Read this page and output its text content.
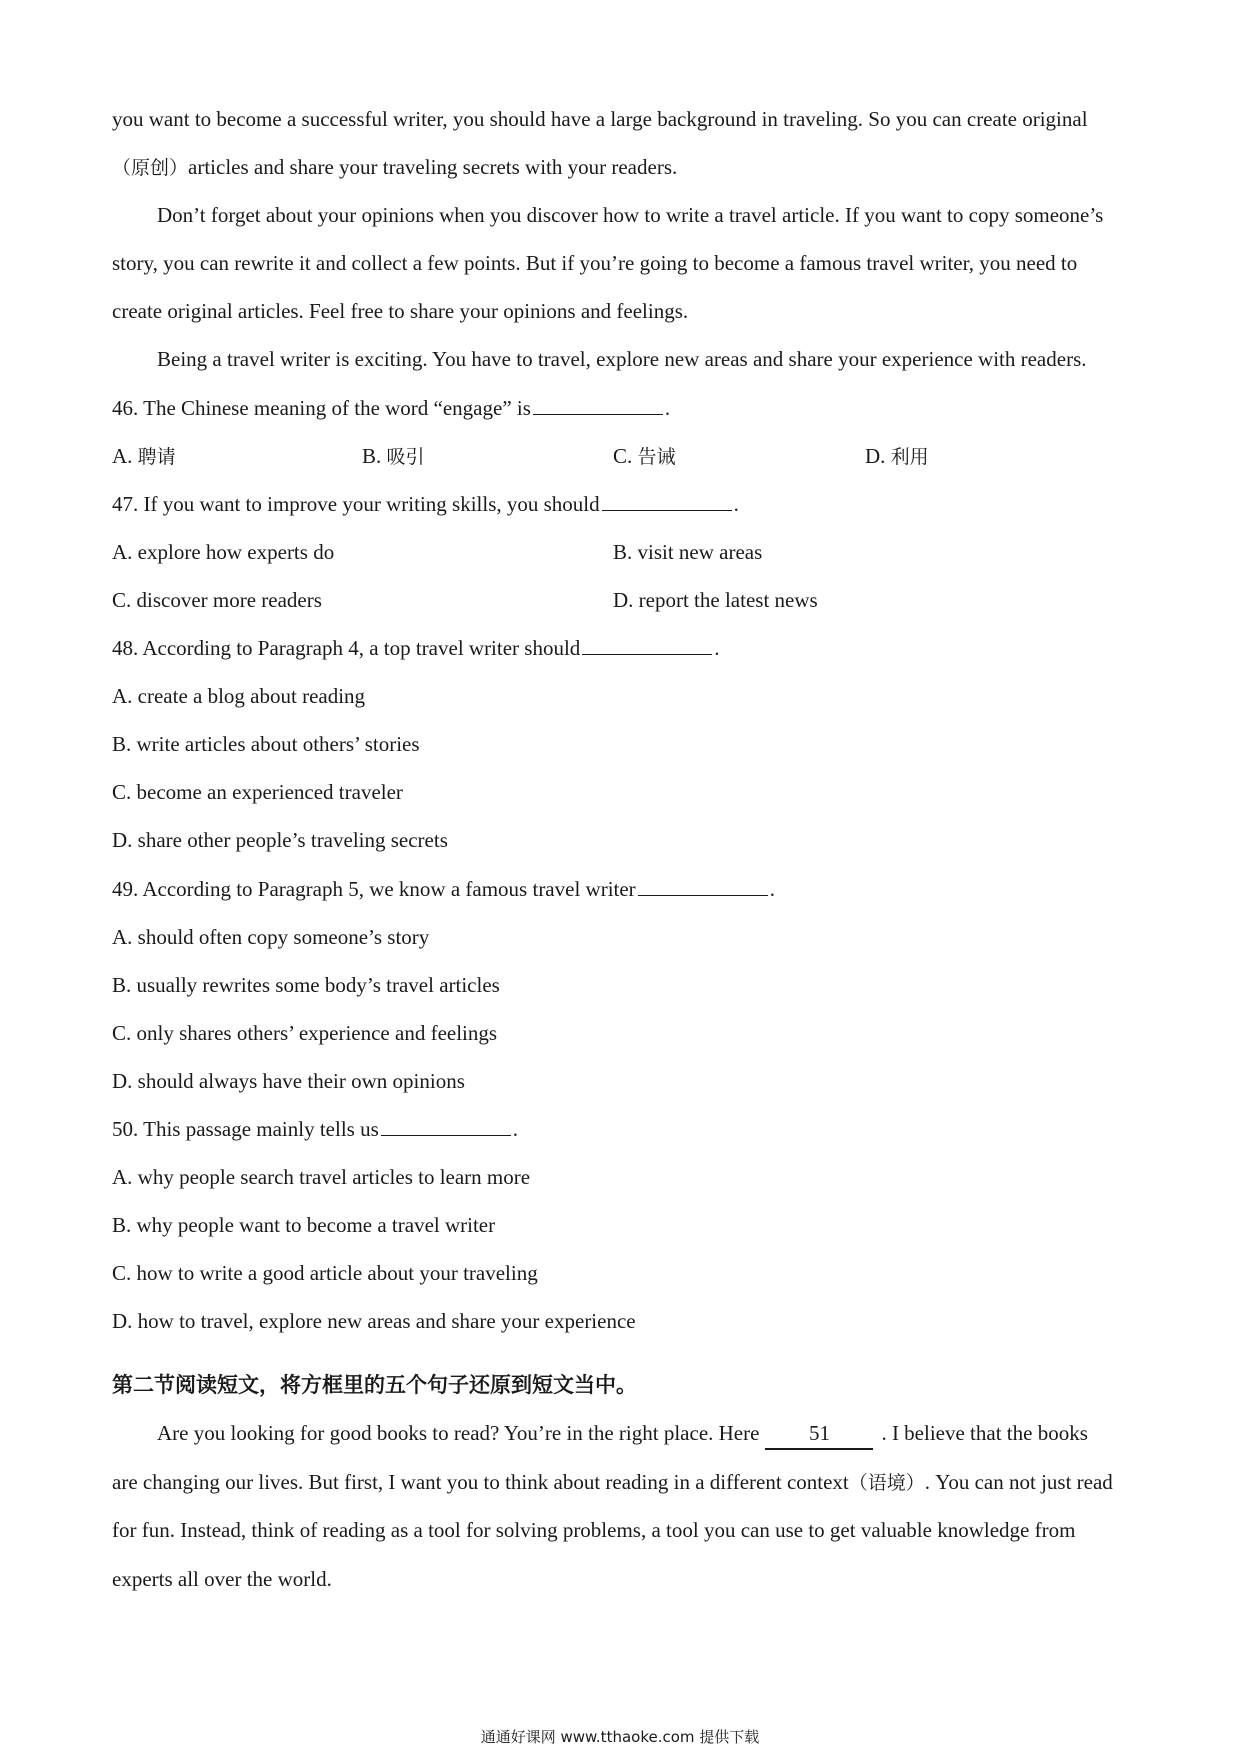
you want to become a successful writer, you should have a large background in traveling. So you can create original
（原创）articles and share your traveling secrets with your readers.
Don’t forget about your opinions when you discover how to write a travel article. If you want to copy someone’s
story, you can rewrite it and collect a few points. But if you’re going to become a famous travel writer, you need to
create original articles. Feel free to share your opinions and feelings.
Being a travel writer is exciting. You have to travel, explore new areas and share your experience with readers.
46. The Chinese meaning of the word “engage” is	.
A. 聘请	B. 吸引	C. 告诫	D. 利用
47. If you want to improve your writing skills, you should	.
A. explore how experts do	B. visit new areas
C. discover more readers	D. report the latest news
48. According to Paragraph 4, a top travel writer should	.
A. create a blog about reading
B. write articles about others’ stories
C. become an experienced traveler
D. share other people’s traveling secrets
49. According to Paragraph 5, we know a famous travel writer	.
A. should often copy someone’s story
B. usually rewrites some body’s travel articles
C. only shares others’ experience and feelings
D. should always have their own opinions
50. This passage mainly tells us	.
A. why people search travel articles to learn more
B. why people want to become a travel writer
C. how to write a good article about your traveling
D. how to travel, explore new areas and share your experience
第二节阅读短文，将方框里的五个句子还原到短文当中。
Are you looking for good books to read? You’re in the right place. Here 51 . I believe that the books
are changing our lives. But first, I want you to think about reading in a different context（语境）. You can not just read
for fun. Instead, think of reading as a tool for solving problems, a tool you can use to get valuable knowledge from
experts all over the world.
通通好课网 www.tthaoke.com 提供下载
